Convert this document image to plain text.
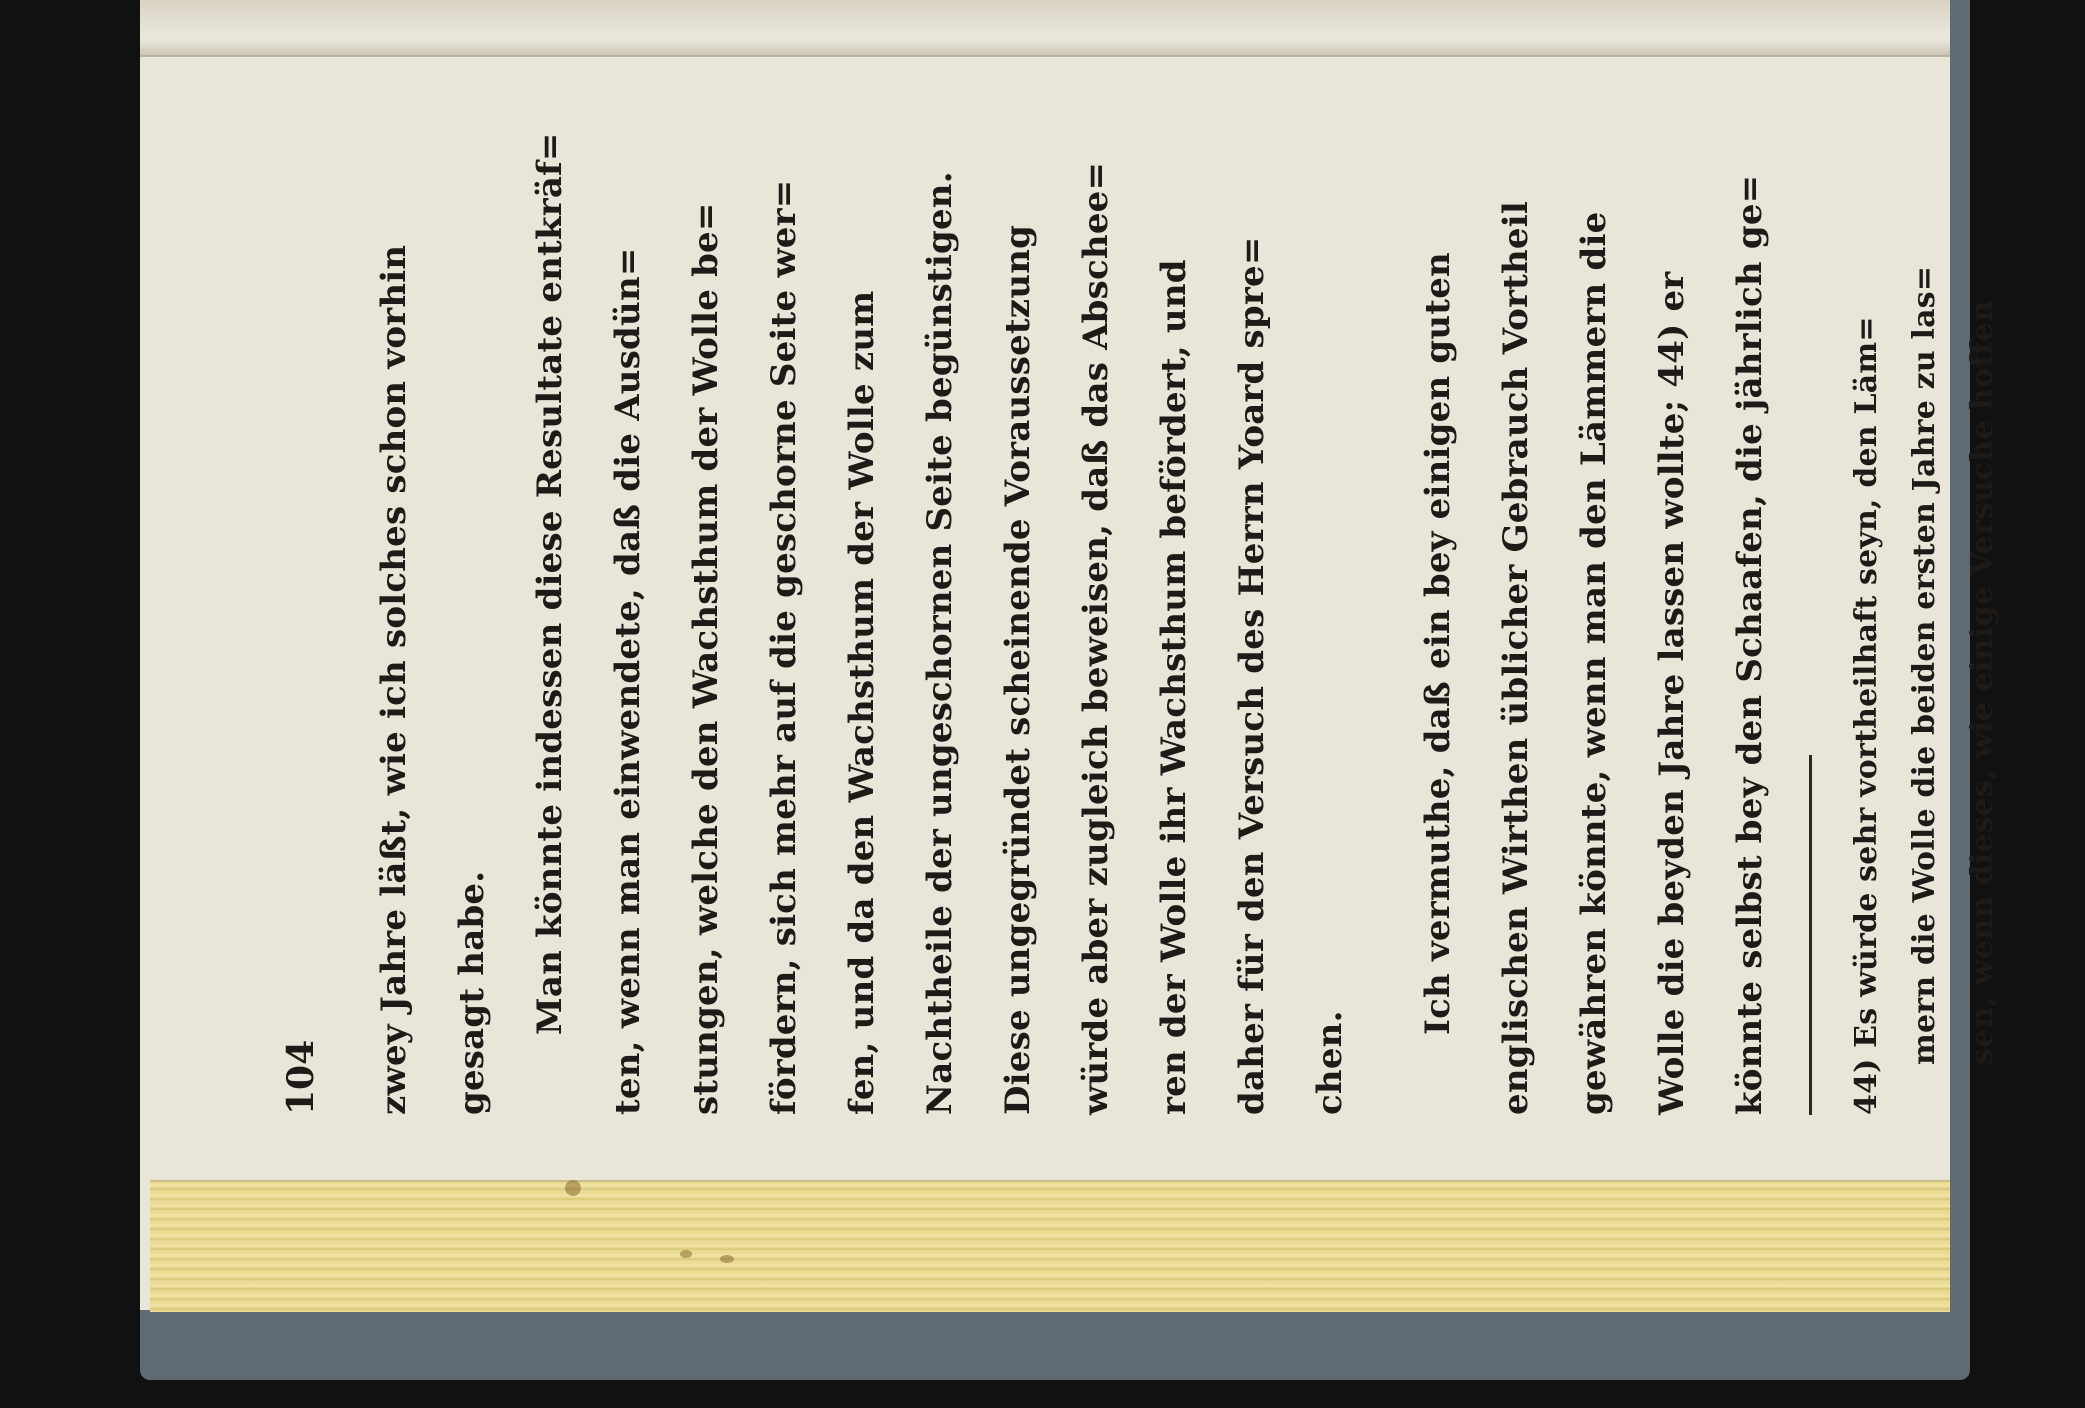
104	zwey Jahre läßt, wie ich solches schon vorhin	gesagt habe.	Man könnte indessen diese Resultate entkräf=	ten, wenn man einwendete, daß die Ausdün=	stungen, welche den Wachsthum der Wolle be=	fördern, sich mehr auf die geschorne Seite wer=	fen, und da den Wachsthum der Wolle zum	Nachtheile der ungeschornen Seite begünstigen.	Diese ungegründet scheinende Voraussetzung	würde aber zugleich beweisen, daß das Abschee=	ren der Wolle ihr Wachsthum befördert, und	daher für den Versuch des Herrn Yoard spre=	chen.

Ich vermuthe, daß ein bey einigen guten	englischen Wirthen üblicher Gebrauch Vortheil	gewähren könnte, wenn man den Lämmern die	Wolle die beyden Jahre lassen wollte; 44) er	könnte selbst bey den Schaafen, die jährlich ge=	44) Es würde sehr vortheilhaft seyn, den Läm= mern die Wolle die beiden ersten Jahre zu las= sen, wenn dieses, wie einige Versuche hoffen
